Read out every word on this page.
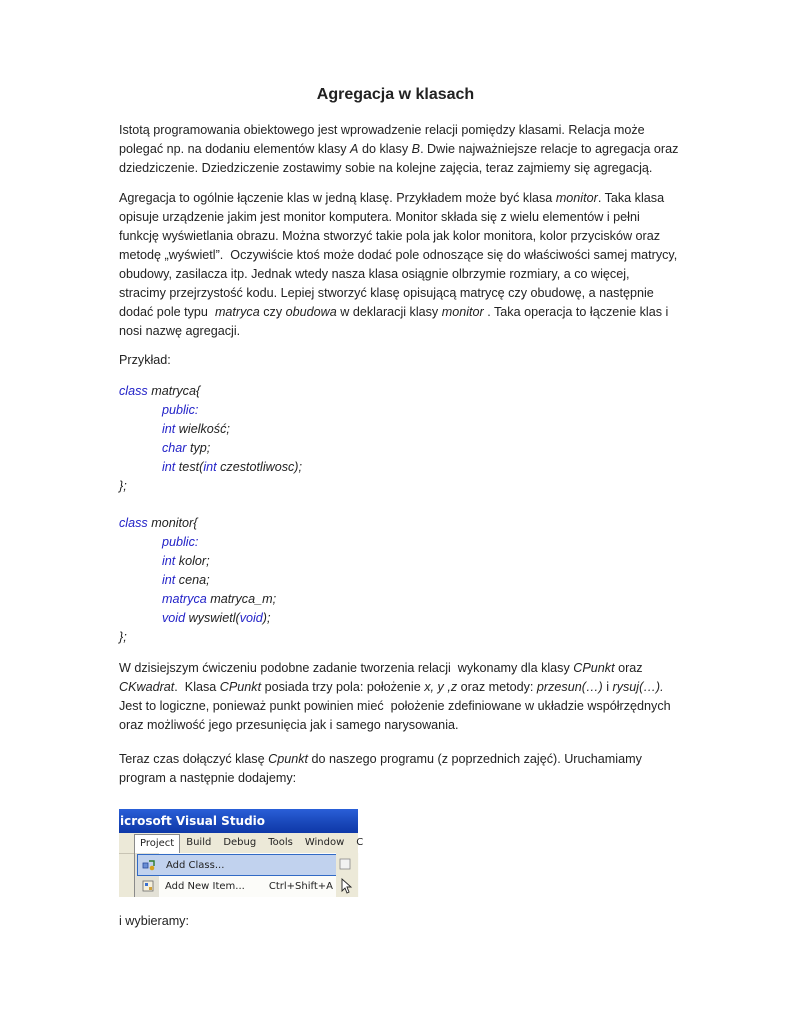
Agregacja w klasach

Istotą programowania obiektowego jest wprowadzenie relacji pomiędzy klasami. Relacja może polegać np. na dodaniu elementów klasy A do klasy B. Dwie najważniejsze relacje to agregacja oraz dziedziczenie. Dziedziczenie zostawimy sobie na kolejne zajęcia, teraz zajmiemy się agregacją.

Agregacja to ogólnie łączenie klas w jedną klasę. Przykładem może być klasa monitor. Taka klasa opisuje urządzenie jakim jest monitor komputera. Monitor składa się z wielu elementów i pełni funkcję wyświetlania obrazu. Można stworzyć takie pola jak kolor monitora, kolor przycisków oraz metodę „wyświetl”.  Oczywiście ktoś może dodać pole odnoszące się do właściwości samej matrycy, obudowy, zasilacza itp. Jednak wtedy nasza klasa osiągnie olbrzymie rozmiary, a co więcej, stracimy przejrzystość kodu. Lepiej stworzyć klasę opisującą matrycę czy obudowę, a następnie dodać pole typu  matryca czy obudowa w deklaracji klasy monitor . Taka operacja to łączenie klas i nosi nazwę agregacji.

Przykład:

class matryca{
public:
int wielkość;
char typ;
int test(int czestotliwosc);
};
class monitor{
public:
int kolor;
int cena;
matryca matryca_m;
void wyswietl(void);
};

W dzisiejszym ćwiczeniu podobne zadanie tworzenia relacji  wykonamy dla klasy CPunkt oraz CKwadrat.  Klasa CPunkt posiada trzy pola: położenie x, y ,z oraz metody: przesun(…) i rysuj(…). Jest to logiczne, ponieważ punkt powinien mieć  położenie zdefiniowane w układzie współrzędnych oraz możliwość jego przesunięcia jak i samego narysowania.

Teraz czas dołączyć klasę Cpunkt do naszego programu (z poprzednich zajęć). Uruchamiamy program a następnie dodajemy:

icrosoft Visual Studio
Project	Build	Debug	Tools	Window	C
Add Class...
Add New Item...	Ctrl+Shift+A

i wybieramy:
